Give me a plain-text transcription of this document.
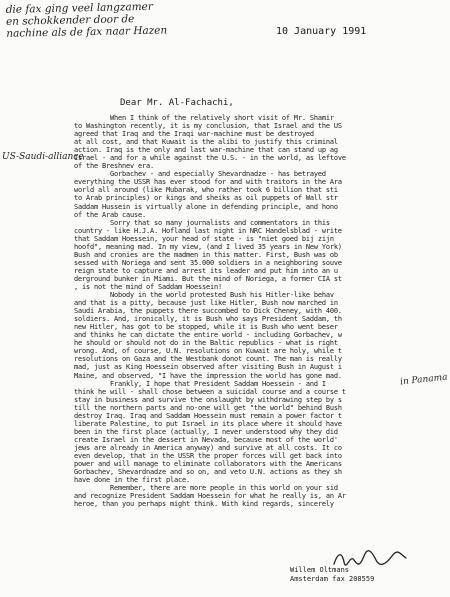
die fax ging veel langzamer
en schokkender door de
nachine als de fax naar Hazen	10 January 1991
Dear Mr. Al-Fachachi,
US-Saudi-alliance
in Panama
When I think of the relatively short visit of Mr. Shamir
to Washington recently, it is my conclusion, that Israel and the US
agreed that Iraq and the Iraqi war-machine must be destroyed
at all cost, and that Kuwait is the alibi to justify this criminal
action. Iraq is the only and last war-machine that can stand up ag
Israel - and for a while against the U.S. - in the world, as leftove
of the Breshnev era.
Gorbachev - and especially Shevardnadze - has betrayed
everything the USSR has ever stood for and with traitors in the Ara
world all around (like Mubarak, who rather took 6 billion that sti
to Arab principles) or kings and sheiks as oil puppets of Wall str
Saddam Hussein is virtually alone in defending principle, and hono
of the Arab cause.
Sorry that so many journalists and commentators in this
country - like H.J.A. Hofland last night in NRC Handelsblad - write
that Saddam Hoessein, your head of state - is "niet goed bij zijn
hoofd", meaning mad. In my view, (and I lived 35 years in New York)
Bush and cronies are the madmen in this matter. First, Bush was ob
sessed with Noriega and sent 35.000 soldiers in a neighboring souve
reign state to capture and arrest its leader and put him into an u
derground bunker in Miami. But the mind of Noriega, a former CIA st
, is not the mind of Saddam Hoessein!
Nobody in the world protested Bush his Hitler-like behav
and that is a pitty, because just like Hitler, Bush now marched in
Saudi Arabia, the puppets there succombed to Dick Cheney, with 400.
soldiers. And, ironically, it is Bush who says President Saddam, th
new Hitler, has got to be stopped, while it is Bush who went beser
and thinks he can dictate the entire world - including Gorbachev, w
he should or should not do in the Baltic republics - what is right
wrong. And, of course, U.N. resolutions on Kuwait are holy, while t
resolutions on Gaza and the Westbank donot count. The man is really
mad, just as King Hoessein observed after visiting Bush in August i
Maine, and observed, "I have the impression the world has gone mad.
Frankly, I hope that President Saddam Hoessein - and I
think he will - shall chose between a suicidal course and a course t
stay in business and survive the onslaught by withdrawing step by s
till the northern parts and no-one will get "the world" behind Bush
destroy Iraq. Iraq and Saddam Hoessein must remain a power factor t
liberate Palestine, to put Israel in its place where it should have
been in the first place (actually, I never understood why they did
create Israel in the dessert in Nevada, because most of the world'
jews are already in America anyway) and survive at all costs. It co
even develop, that in the USSR the proper forces will get back into
power and will manage to eliminate collaborators with the Americans
Gorbachev, Shevardnadze and so on, and veto U.N. actions as they sh
have done in the first place.
Remember, there are more people in this world on your sid
and recognize President Saddam Hoessein for what he really is, an Ar
heroe, than you perhaps might think. With kind regards, sincerely
Willem Oltmans
Amsterdam fax 208559
